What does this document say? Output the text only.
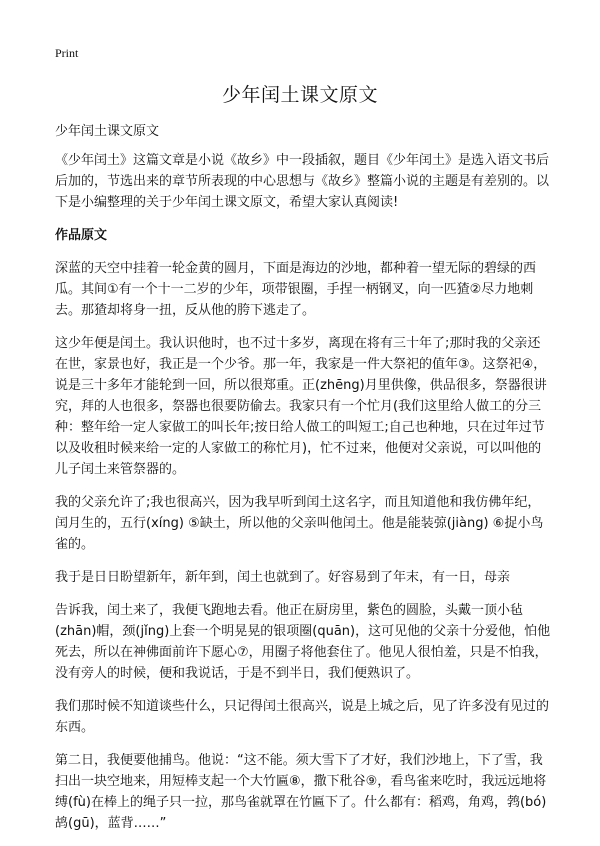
Print
少年闰土课文原文
少年闰土课文原文

《少年闰土》这篇文章是小说《故乡》中一段插叙，题目《少年闰土》是选入语文书后后加的，节选出来的章节所表现的中心思想与《故乡》整篇小说的主题是有差别的。以下是小编整理的关于少年闰土课文原文，希望大家认真阅读!

作品原文

深蓝的天空中挂着一轮金黄的圆月，下面是海边的沙地，都种着一望无际的碧绿的西瓜。其间①有一个十一二岁的少年，项带银圈，手捏一柄钢叉，向一匹猹②尽力地刺去。那猹却将身一扭，反从他的胯下逃走了。

这少年便是闰土。我认识他时，也不过十多岁，离现在将有三十年了;那时我的父亲还在世，家景也好，我正是一个少爷。那一年，我家是一件大祭祀的值年③。这祭祀④，说是三十多年才能轮到一回，所以很郑重。正(zhēng)月里供像，供品很多，祭器很讲究，拜的人也很多，祭器也很要防偷去。我家只有一个忙月(我们这里给人做工的分三种：整年给一定人家做工的叫长年;按日给人做工的叫短工;自己也种地，只在过年过节以及收租时候来给一定的人家做工的称忙月)，忙不过来，他便对父亲说，可以叫他的儿子闰土来管祭器的。

我的父亲允许了;我也很高兴，因为我早听到闰土这名字，而且知道他和我仿佛年纪，闰月生的，五行(xíng) ⑤缺土，所以他的父亲叫他闰土。他是能装弶(jiàng) ⑥捉小鸟雀的。

我于是日日盼望新年，新年到，闰土也就到了。好容易到了年末，有一日，母亲

告诉我，闰土来了，我便飞跑地去看。他正在厨房里，紫色的圆脸，头戴一顶小毡(zhān)帽，颈(jǐng)上套一个明晃晃的银项圈(quān)，这可见他的父亲十分爱他，怕他死去，所以在神佛面前许下愿心⑦，用圈子将他套住了。他见人很怕羞，只是不怕我，没有旁人的时候，便和我说话，于是不到半日，我们便熟识了。

我们那时候不知道谈些什么，只记得闰土很高兴，说是上城之后，见了许多没有见过的东西。

第二日，我便要他捕鸟。他说：“这不能。须大雪下了才好，我们沙地上，下了雪，我扫出一块空地来，用短棒支起一个大竹匾⑧，撒下秕谷⑨，看鸟雀来吃时，我远远地将缚(fù)在棒上的绳子只一拉，那鸟雀就罩在竹匾下了。什么都有：稻鸡，角鸡，鹁(bó)鸪(gū)，蓝背……”
